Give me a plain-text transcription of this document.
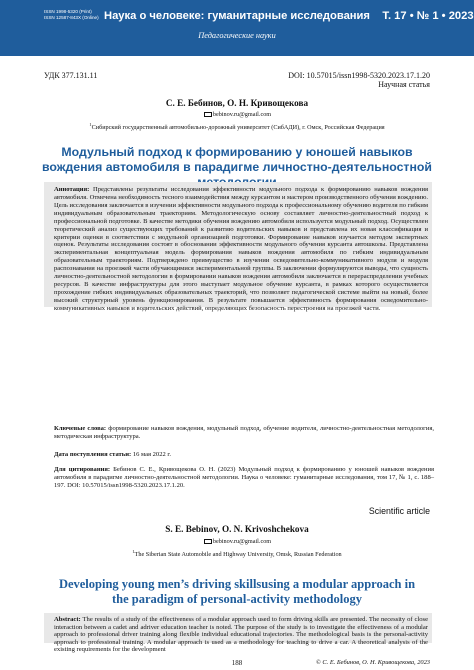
ISSN 1998-5320 (Print)
ISSN 12587-843X (Online) Наука о человеке: гуманитарные исследования    Т. 17 • № 1 • 2023
Педагогические науки
УДК 377.131.11	DOI: 10.57015/issn1998-5320.2023.17.1.20
Научная статья
С. Е. Бебинов, О. Н. Кривощекова
bebinov.ru@gmail.com
$^1$Сибирский государственный автомобильно-дорожный университет (СибАДИ), г. Омск, Российская Федерация
Модульный подход к формированию у юношей навыков вождения автомобиля в парадигме личностно-деятельностной
Аннотация: Представлены результаты исследования эффективности модульного подхода к формированию навыков вождения автомобиля. Отмечена необходимость тесного взаимодействия между курсантом и мастером производственного обучения вождению. Цель исследования заключается в изучении эффективности модульного подхода к профессиональному обучению водителя по гибким индивидуальным образовательным траекториям. Методологическую основу составляет личностно-деятельностный подход к профессиональной подготовке. В качестве методики обучения вождению автомобиля используется модульный подход. Осуществлен теоретический анализ существующих требований к развитию водительских навыков и представлена их новая классификация и критерии оценки в соответствии с модульной организацией подготовки. Формирование навыков изучается методом экспертных оценок. Результаты исследования состоят в обосновании эффективности модульного обучения курсанта автошколы. Представлена экспериментальная концептуальная модель формирования навыков вождения автомобиля по гибким индивидуальным образовательным траекториям. Подтверждено преимущество в изучении осведомительно-коммуникативного модуля и модуля распознавания на проезжей части обучающимися экспериментальной группы. В заключении формулируются выводы, что сущность личностно-деятельностной методологии в формировании навыков вождения автомобиля заключается в перераспределении учебных ресурсов. В качестве инфраструктуры для этого выступает модульное обучение курсанта, в рамках которого осуществляется прохождение гибких индивидуальных образовательных траекторий, что позволяет педагогической системе выйти на новый, более высокий структурный уровень функционирования. В результате повышается эффективность формирования осведомительно-коммуникативных навыков и водительских действий, определяющих безопасность перестроения на проезжей части.
Ключевые слова: формирование навыков вождения, модульный подход, обучение водителя, личностно-деятельностная методология, методическая инфраструктура.
Дата поступления статьи: 16 мая 2022 г.
Для цитирования: Бебинов С. Е., Кривощекова О. Н. (2023) Модульный подход к формированию у юношей навыков вождения автомобиля в парадигме личностно-деятельностной методологии. Наука о человеке: гуманитарные исследования, том 17, № 1, с. 188–197. DOI: 10.57015/issn1998-5320.2023.17.1.20.
Scientific article
S. E. Bebinov, O. N. Krivoshchekova
bebinov.ru@gmail.com
$^1$The Siberian State Automobile and Highway University, Omsk, Russian Federation
Developing young men’s driving skillsusing a modular approach in the paradigm of personal-activity methodology
Abstract: The results of a study of the effectiveness of a modular approach used to form driving skills are presented. The necessity of close interaction between a cadet and adriver education teacher is noted. The purpose of the study is to investigate the effectiveness of a modular approach to professional driver training along flexible individual educational trajectories. The methodological basis is the personal-activity approach to professional training. A modular approach is used as a methodology for teaching to drive a car. A theoretical analysis of the existing requirements for the development
188	© С. Е. Бебинов, О. Н. Кривощекова, 2023
